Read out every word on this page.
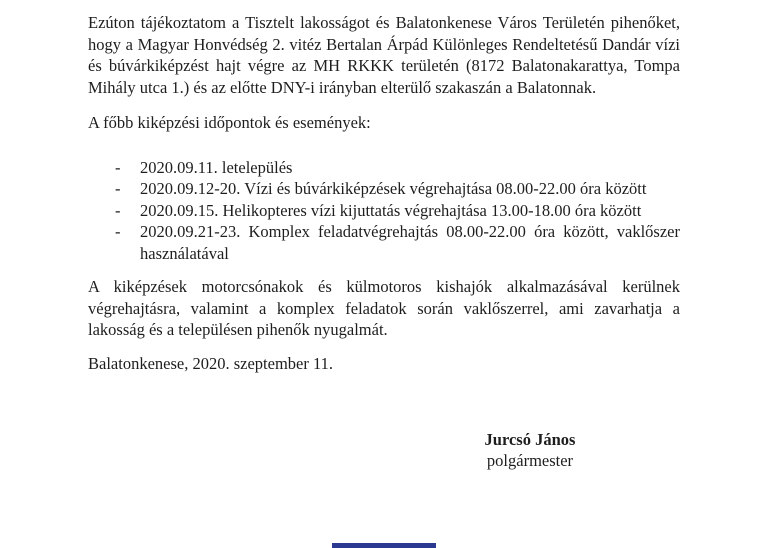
Ezúton tájékoztatom a Tisztelt lakosságot és Balatonkenese Város Területén pihenőket, hogy a Magyar Honvédség 2. vitéz Bertalan Árpád Különleges Rendeltetésű Dandár vízi és búvárkiképzést hajt végre az MH RKKK területén (8172 Balatonakarattya, Tompa Mihály utca 1.) és az előtte DNY-i irányban elterülő szakaszán a Balatonnak.

A főbb kiképzési időpontok és események:

-	2020.09.11. letelepülés
-	2020.09.12-20. Vízi és búvárkiképzések végrehajtása 08.00-22.00 óra között
-	2020.09.15. Helikopteres vízi kijuttatás végrehajtása 13.00-18.00 óra között
-	2020.09.21-23. Komplex feladatvégrehajtás 08.00-22.00 óra között, vaklőszer használatával

A kiképzések motorcsónakok és külmotoros kishajók alkalmazásával kerülnek végrehajtásra, valamint a komplex feladatok során vaklőszerrel, ami zavarhatja a lakosság és a településen pihenők nyugalmát.

Balatonkenese, 2020. szeptember 11.

Jurcsó János
polgármester
